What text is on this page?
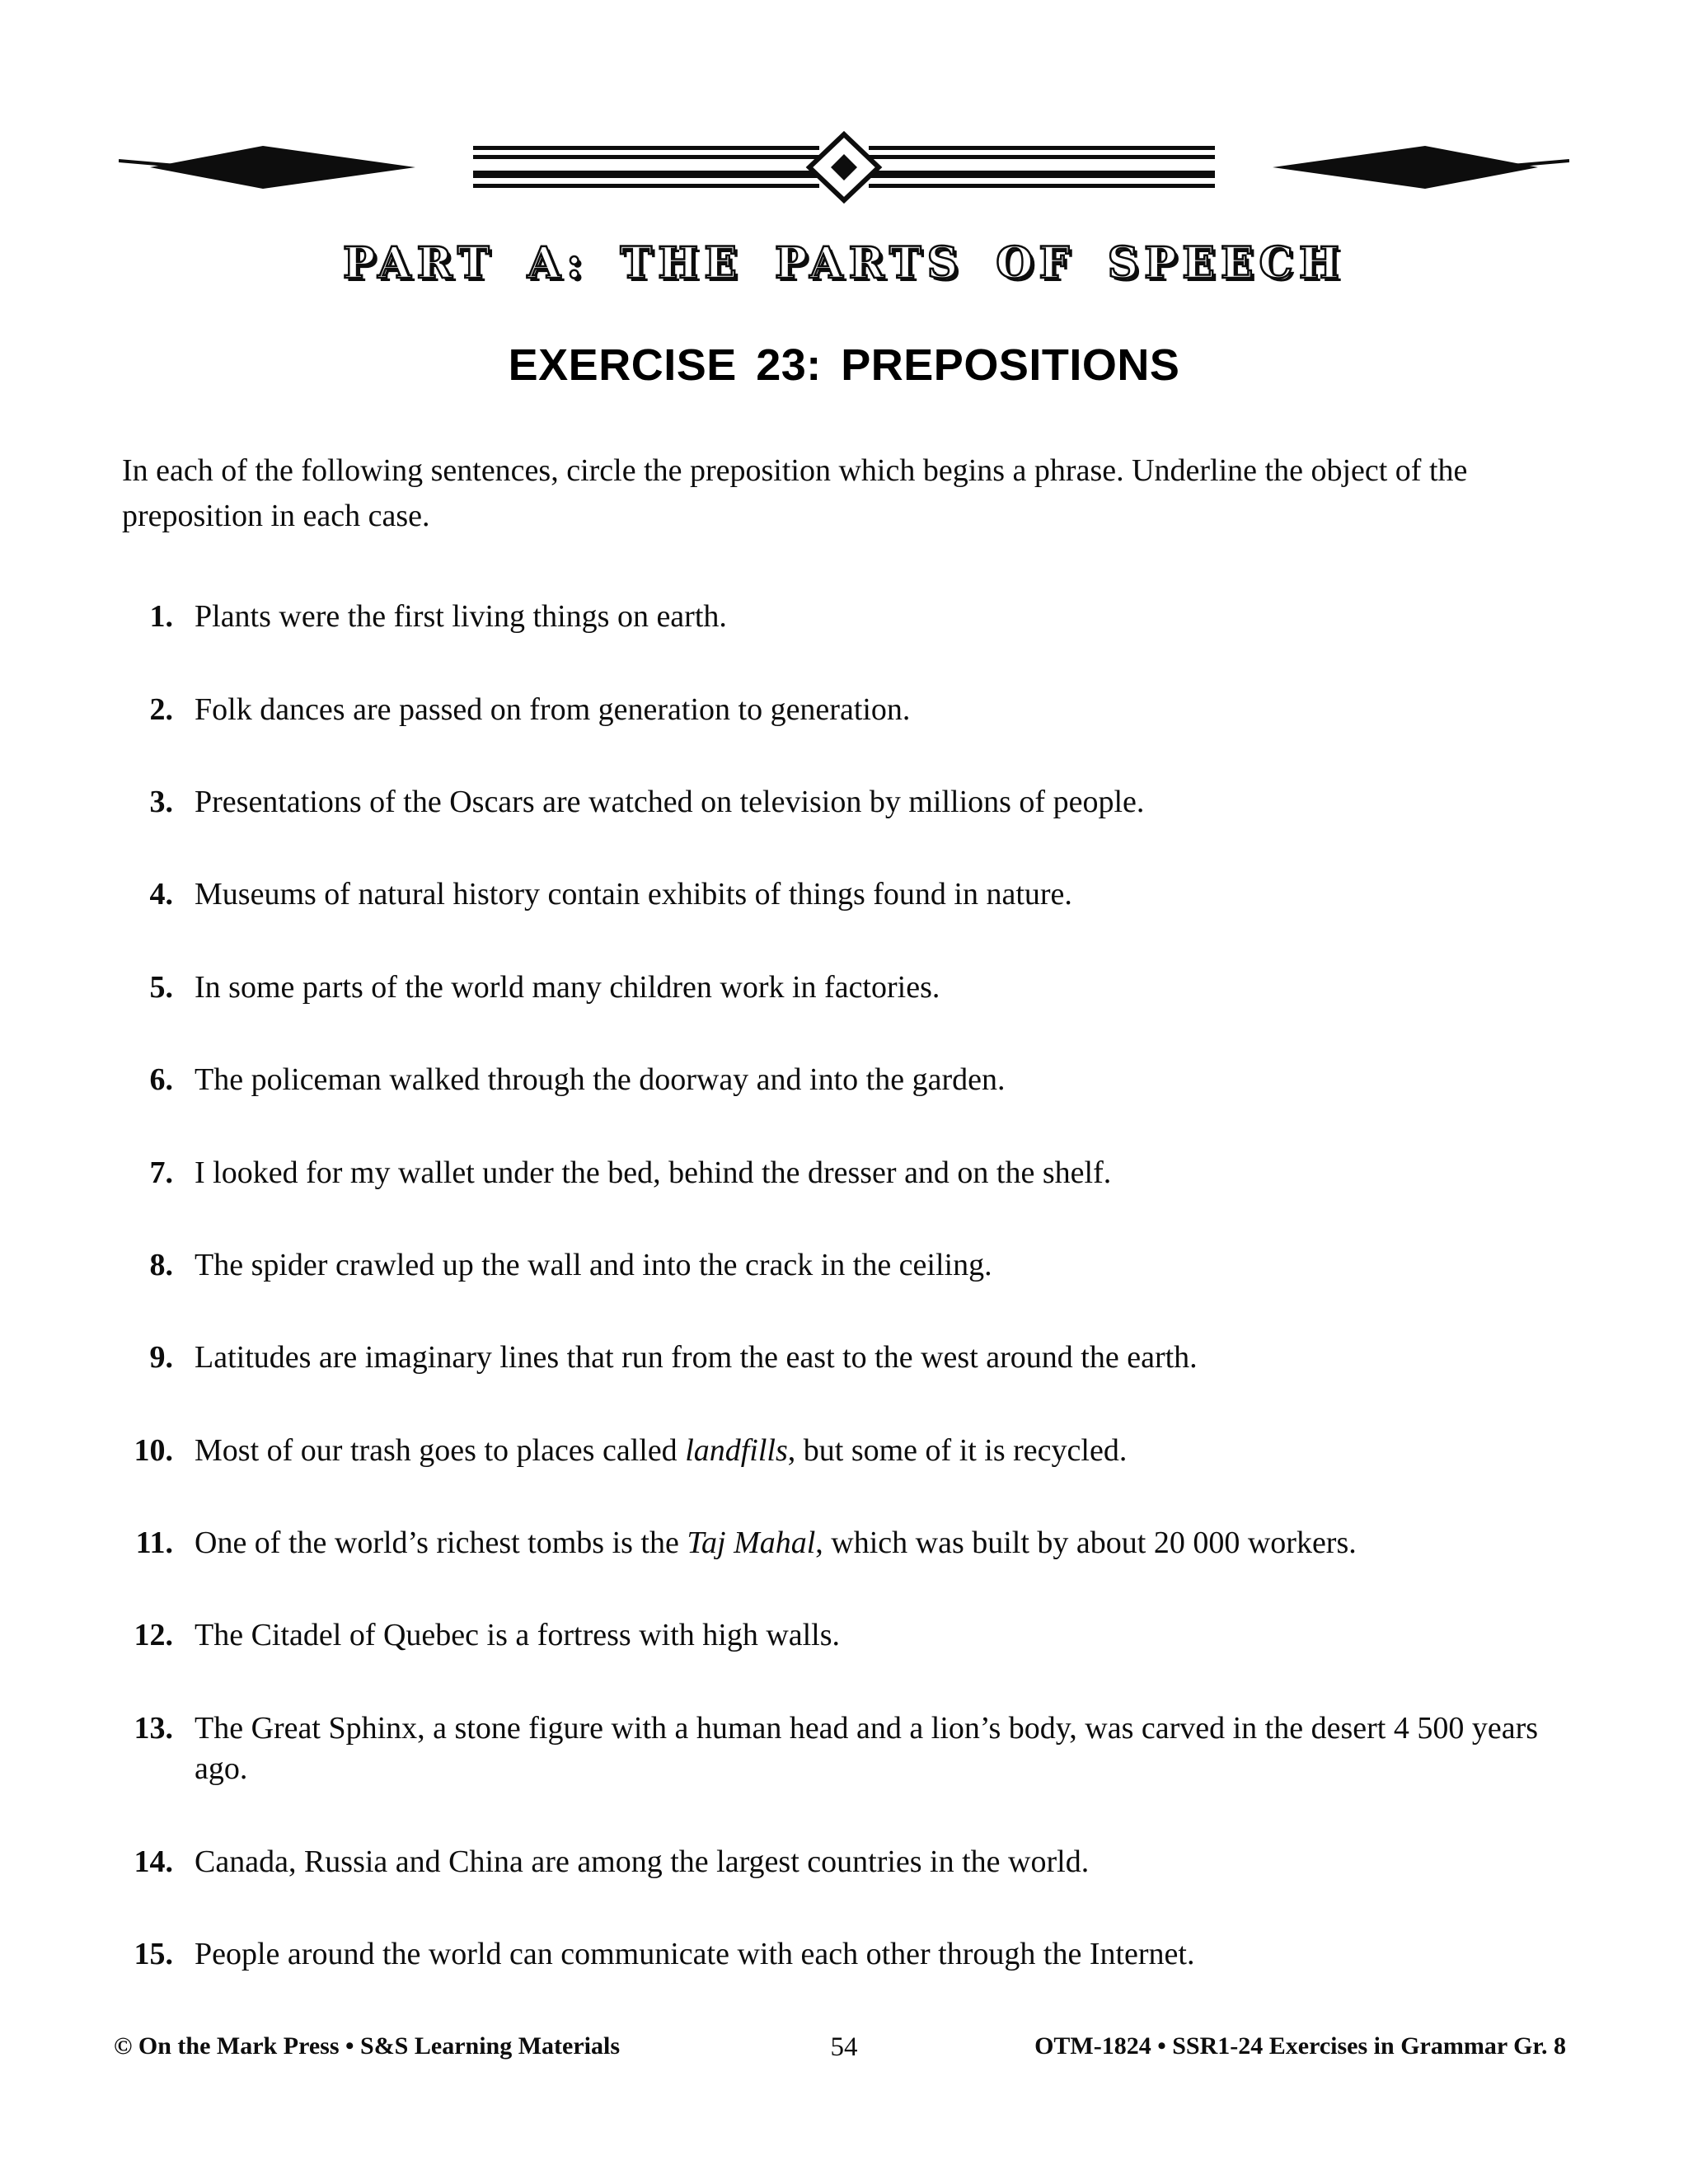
PART A: THE PARTS OF SPEECH
EXERCISE 23: PREPOSITIONS
In each of the following sentences, circle the preposition which begins a phrase. Underline the object of the preposition in each case.
1. Plants were the first living things on earth.
2. Folk dances are passed on from generation to generation.
3. Presentations of the Oscars are watched on television by millions of people.
4. Museums of natural history contain exhibits of things found in nature.
5. In some parts of the world many children work in factories.
6. The policeman walked through the doorway and into the garden.
7. I looked for my wallet under the bed, behind the dresser and on the shelf.
8. The spider crawled up the wall and into the crack in the ceiling.
9. Latitudes are imaginary lines that run from the east to the west around the earth.
10. Most of our trash goes to places called landfills, but some of it is recycled.
11. One of the world’s richest tombs is the Taj Mahal, which was built by about 20 000 workers.
12. The Citadel of Quebec is a fortress with high walls.
13. The Great Sphinx, a stone figure with a human head and a lion’s body, was carved in the desert 4 500 years ago.
14. Canada, Russia and China are among the largest countries in the world.
15. People around the world can communicate with each other through the Internet.
© On the Mark Press • S&S Learning Materials	54	OTM-1824 • SSR1-24 Exercises in Grammar Gr. 8
